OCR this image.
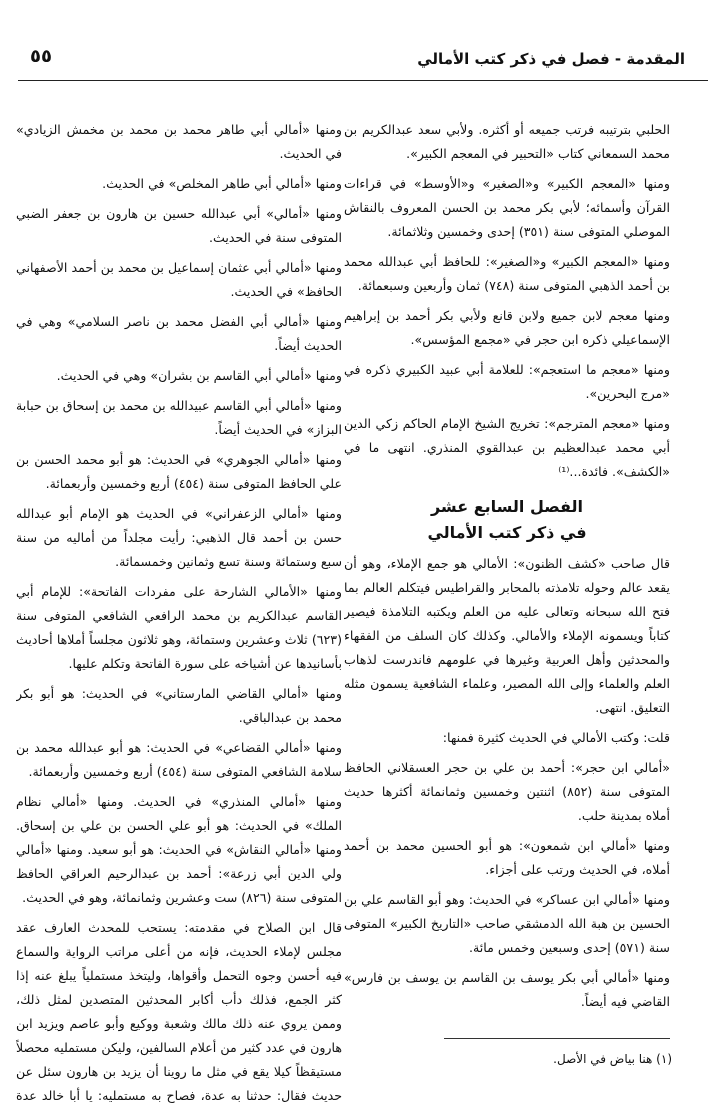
المقدمة - فصل في ذكر كتب الأمالي
٥٥

الحلبي بترتيبه فرتب جميعه أو أكثره. ولأبي سعد عبدالكريم بن محمد السمعاني كتاب «التحبير في المعجم الكبير».

ومنها «المعجم الكبير» و«الصغير» و«الأوسط» في قراءات القرآن وأسمائه؛ لأبي بكر محمد بن الحسن المعروف بالنقاش الموصلي المتوفى سنة (٣٥١) إحدى وخمسين وثلاثمائة.

ومنها «المعجم الكبير» و«الصغير»: للحافظ أبي عبدالله محمد بن أحمد الذهبي المتوفى سنة (٧٤٨) ثمان وأربعين وسبعمائة.

ومنها معجم لابن جميع ولابن قانع ولأبي بكر أحمد بن إبراهيم الإسماعيلي ذكره ابن حجر في «مجمع المؤسس».

ومنها «معجم ما استعجم»: للعلامة أبي عبيد الكبيري ذكره في «مرج البحرين».

ومنها «معجم المترجم»: تخريج الشيخ الإمام الحاكم زكي الدين أبي محمد عبدالعظيم بن عبدالقوي المنذري. انتهى ما في «الكشف». فائدة...⁽¹⁾

الفصل السابع عشر
في ذكر كتب الأمالي

قال صاحب «كشف الظنون»: الأمالي هو جمع الإملاء، وهو أن يقعد عالم وحوله تلامذته بالمحابر والقراطيس فيتكلم العالم بما فتح الله سبحانه وتعالى عليه من العلم ويكتبه التلامذة فيصير كتاباً ويسمونه الإملاء والأمالي. وكذلك كان السلف من الفقهاء والمحدثين وأهل العربية وغيرها في علومهم فاندرست لذهاب العلم والعلماء وإلى الله المصير، وعلماء الشافعية يسمون مثله التعليق. انتهى.

قلت: وكتب الأمالي في الحديث كثيرة فمنها:

«أمالي ابن حجر»: أحمد بن علي بن حجر العسقلاني الحافظ المتوفى سنة (٨٥٢) اثنتين وخمسين وثمانمائة أكثرها حديث أملاه بمدينة حلب.

ومنها «أمالي ابن شمعون»: هو أبو الحسين محمد بن أحمد أملاه، في الحديث ورتب على أجزاء.

ومنها «أمالي ابن عساكر» في الحديث: وهو أبو القاسم علي بن الحسين بن هبة الله الدمشقي صاحب «التاريخ الكبير» المتوفى سنة (٥٧١) إحدى وسبعين وخمس مائة.

ومنها «أمالي أبي بكر يوسف بن القاسم بن يوسف بن فارس» القاضي فيه أيضاً.

ومنها «أمالي أبي طاهر محمد بن محمد بن مخمش الزيادي» في الحديث.

ومنها «أمالي أبي طاهر المخلص» في الحديث.

ومنها «أمالي» أبي عبدالله حسين بن هارون بن جعفر الضبي المتوفى سنة في الحديث.

ومنها «أمالي أبي عثمان إسماعيل بن محمد بن أحمد الأصفهاني الحافظ» في الحديث.

ومنها «أمالي أبي الفضل محمد بن ناصر السلامي» وهي في الحديث أيضاً.

ومنها «أمالي أبي القاسم بن بشران» وهي في الحديث.

ومنها «أمالي أبي القاسم عبيدالله بن محمد بن إسحاق بن حبابة البزاز» في الحديث أيضاً.

ومنها «أمالي الجوهري» في الحديث: هو أبو محمد الحسن بن علي الحافظ المتوفى سنة (٤٥٤) أربع وخمسين وأربعمائة.

ومنها «أمالي الزعفراني» في الحديث هو الإمام أبو عبدالله حسن بن أحمد قال الذهبي: رأيت مجلداً من أماليه من سنة سبع وستمائة وسنة تسع وثمانين وخمسمائة.

ومنها «الأمالي الشارحة على مفردات الفاتحة»: للإمام أبي القاسم عبدالكريم بن محمد الرافعي الشافعي المتوفى سنة (٦٢٣) ثلاث وعشرين وستمائة، وهو ثلاثون مجلساً أملاها أحاديث بأسانيدها عن أشياخه على سورة الفاتحة وتكلم عليها.

ومنها «أمالي القاضي المارستاني» في الحديث: هو أبو بكر محمد بن عبدالباقي.

ومنها «أمالي القضاعي» في الحديث: هو أبو عبدالله محمد بن سلامة الشافعي المتوفى سنة (٤٥٤) أربع وخمسين وأربعمائة.

ومنها «أمالي المنذري» في الحديث. ومنها «أمالي نظام الملك» في الحديث: هو أبو علي الحسن بن علي بن إسحاق. ومنها «أمالي النقاش» في الحديث: هو أبو سعيد. ومنها «أمالي ولي الدين أبي زرعة»: أحمد بن عبدالرحيم العراقي الحافظ المتوفى سنة (٨٢٦) ست وعشرين وثمانمائة، وهو في الحديث.

قال ابن الصلاح في مقدمته: يستحب للمحدث العارف عقد مجلس لإملاء الحديث، فإنه من أعلى مراتب الرواية والسماع فيه أحسن وجوه التحمل وأقواها، وليتخذ مستملياً يبلغ عنه إذا كثر الجمع، فذلك دأب أكابر المحدثين المتصدين لمثل ذلك، وممن يروي عنه ذلك مالك وشعبة ووكيع وأبو عاصم ويزيد ابن هارون في عدد كثير من أعلام السالفين، وليكن مستمليه محصلاً مستيقظاً كيلا يقع في مثل ما روينا أن يزيد بن هارون سئل عن حديث فقال: حدثنا به عدة، فصاح به مستمليه: يا أبا خالد عدة

(١) هنا بياض في الأصل.
